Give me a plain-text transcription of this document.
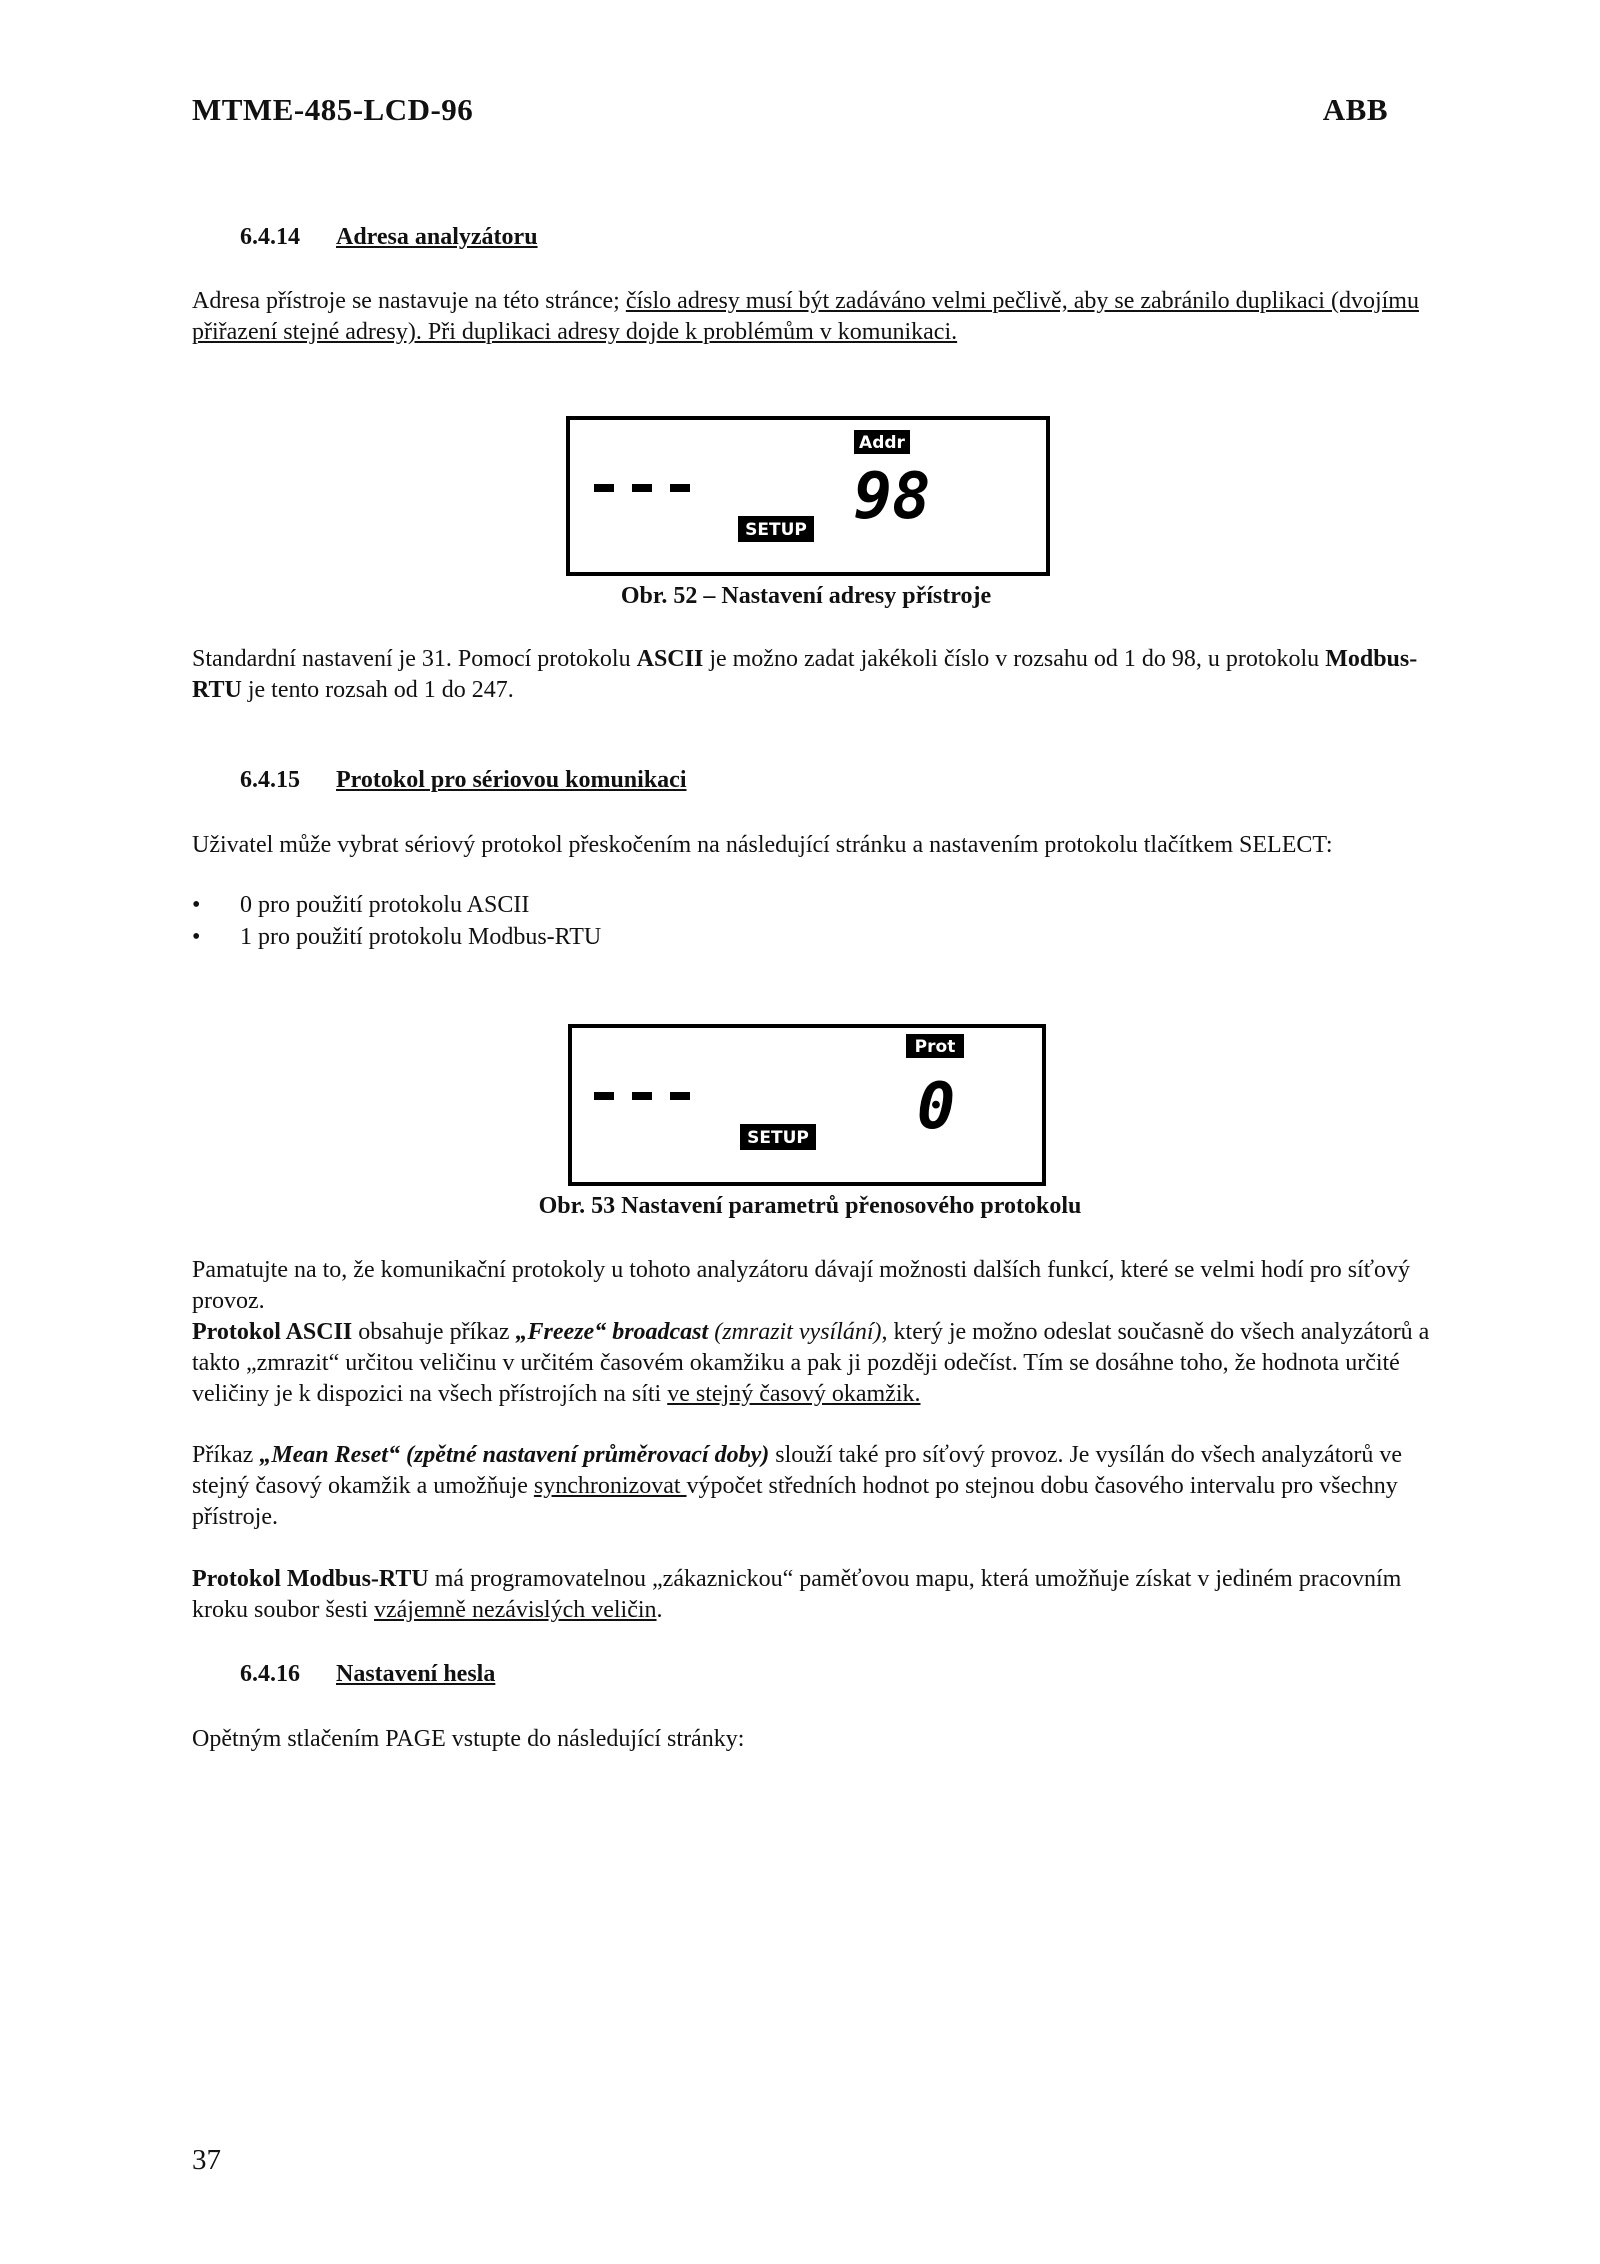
MTME-485-LCD-96	ABB
6.4.14 Adresa analyzátoru
Adresa přístroje se nastavuje na této stránce; číslo adresy musí být zadáváno velmi pečlivě, aby se zabránilo duplikaci (dvojímu přiřazení stejné adresy). Při duplikaci adresy dojde k problémům v komunikaci.
Addr
SETUP 98
Obr. 52 – Nastavení adresy přístroje
Standardní nastavení je 31. Pomocí protokolu ASCII je možno zadat jakékoli číslo v rozsahu od 1 do 98, u protokolu Modbus-RTU je tento rozsah od 1 do 247.
6.4.15 Protokol pro sériovou komunikaci
Uživatel může vybrat sériový protokol přeskočením na následující stránku a nastavením protokolu tlačítkem SELECT:
• 0 pro použití protokolu ASCII
• 1 pro použití protokolu Modbus-RTU
Prot
SETUP 0
Obr. 53 Nastavení parametrů přenosového protokolu
Pamatujte na to, že komunikační protokoly u tohoto analyzátoru dávají možnosti dalších funkcí, které se velmi hodí pro síťový provoz.
Protokol ASCII obsahuje příkaz „Freeze“ broadcast (zmrazit vysílání), který je možno odeslat současně do všech analyzátorů a takto „zmrazit“ určitou veličinu v určitém časovém okamžiku a pak ji později odečíst. Tím se dosáhne toho, že hodnota určité veličiny je k dispozici na všech přístrojích na síti ve stejný časový okamžik.
Příkaz „Mean Reset“ (zpětné nastavení průměrovací doby) slouží také pro síťový provoz. Je vysílán do všech analyzátorů ve stejný časový okamžik a umožňuje synchronizovat výpočet středních hodnot po stejnou dobu časového intervalu pro všechny přístroje.
Protokol Modbus-RTU má programovatelnou „zákaznickou“ paměťovou mapu, která umožňuje získat v jediném pracovním kroku soubor šesti vzájemně nezávislých veličin.
6.4.16 Nastavení hesla
Opětným stlačením PAGE vstupte do následující stránky:
37
